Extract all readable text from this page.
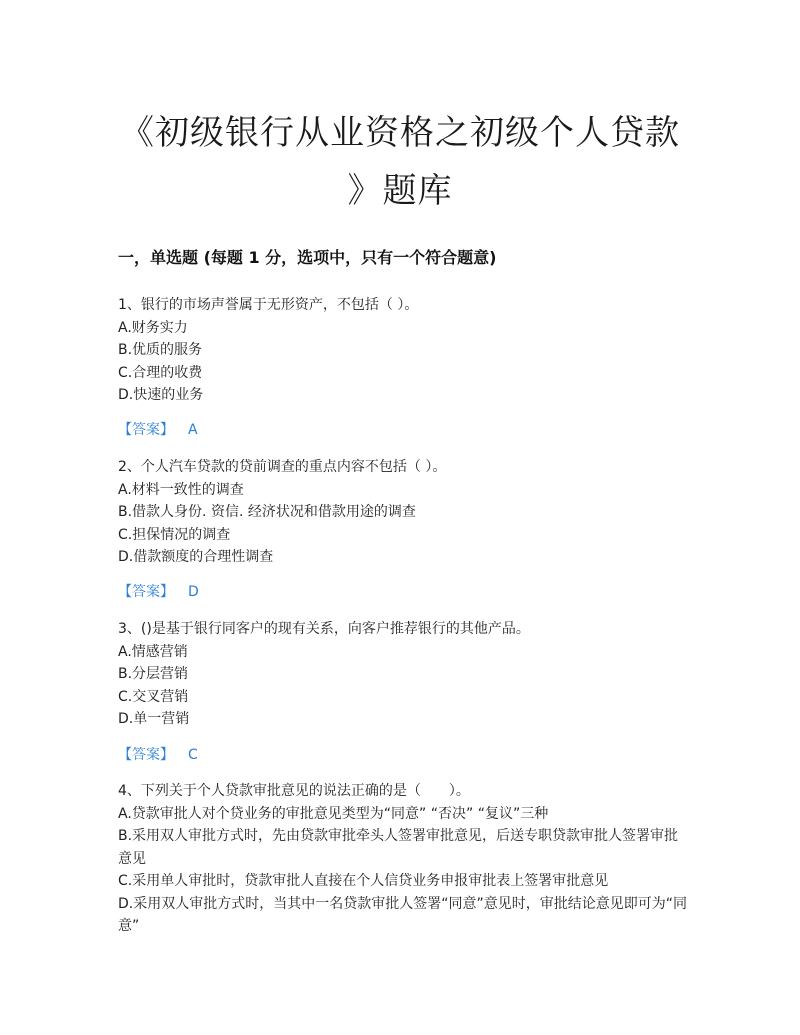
《初级银行从业资格之初级个人贷款
》题库
一，单选题 (每题 1 分，选项中，只有一个符合题意)
1、银行的市场声誉属于无形资产，不包括（ ）。
A.财务实力
B.优质的服务
C.合理的收费
D.快速的业务
【答案】 A
2、个人汽车贷款的贷前调查的重点内容不包括（ ）。
A.材料一致性的调查
B.借款人身份. 资信. 经济状况和借款用途的调查
C.担保情况的调查
D.借款额度的合理性调查
【答案】 D
3、()是基于银行同客户的现有关系，向客户推荐银行的其他产品。
A.情感营销
B.分层营销
C.交叉营销
D.单一营销
【答案】 C
4、下列关于个人贷款审批意见的说法正确的是（　　）。
A.贷款审批人对个贷业务的审批意见类型为“同意” “否决” “复议”三种
B.采用双人审批方式时，先由贷款审批牵头人签署审批意见，后送专职贷款审批人签署审批意见
C.采用单人审批时，贷款审批人直接在个人信贷业务申报审批表上签署审批意见
D.采用双人审批方式时，当其中一名贷款审批人签署“同意”意见时，审批结论意见即可为“同意”
